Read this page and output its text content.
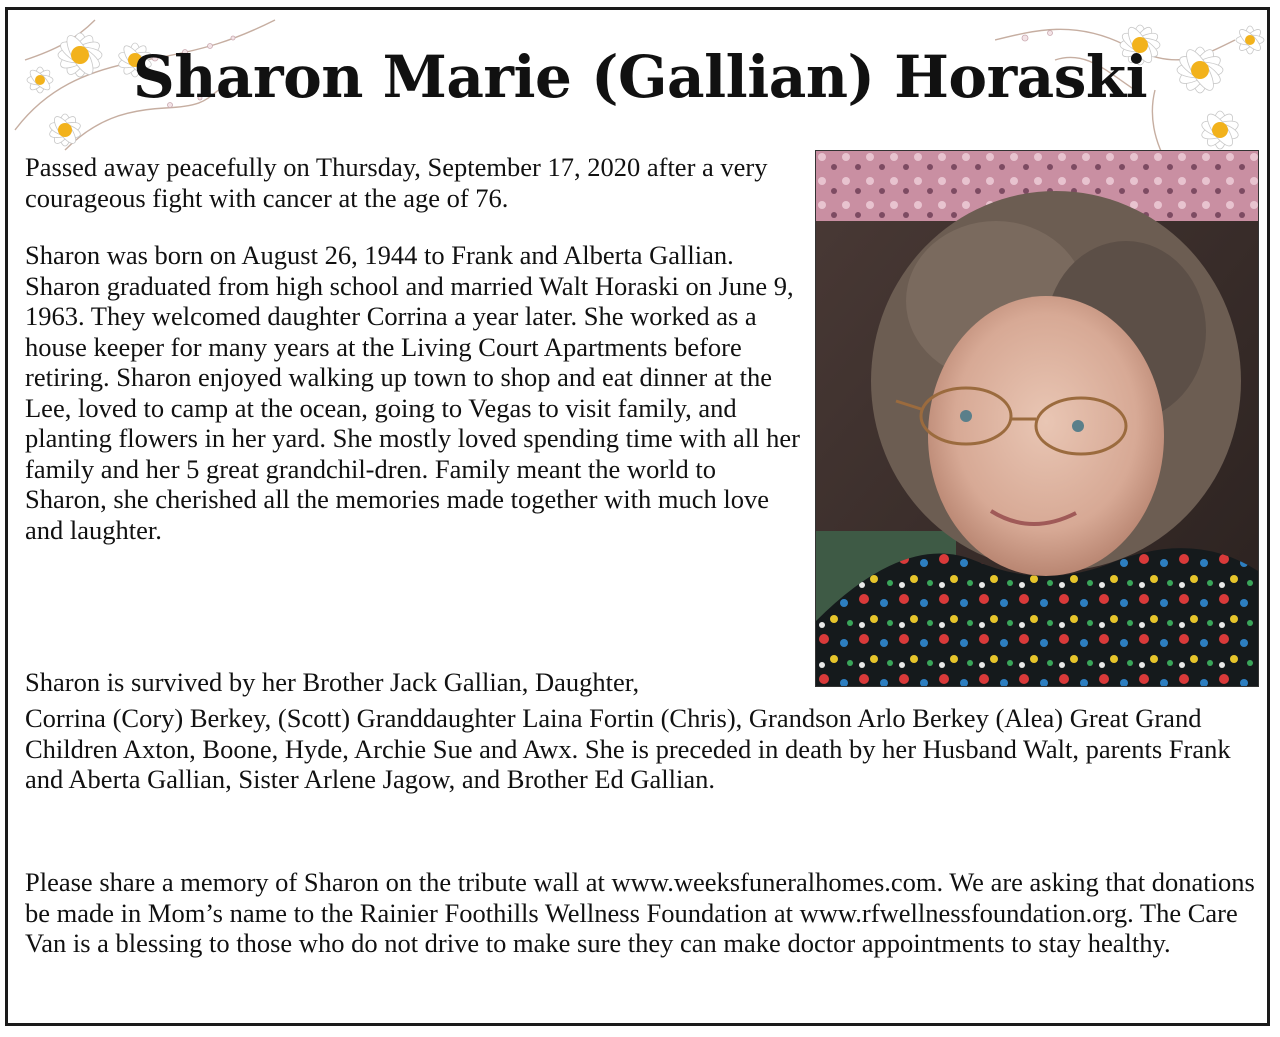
Sharon Marie (Gallian) Horaski

Passed away peacefully on Thursday, September 17, 2020 after a very courageous fight with cancer at the age of 76.

Sharon was born on August 26, 1944 to Frank and Alberta Gallian. Sharon graduated from high school and married Walt Horaski on June 9, 1963. They welcomed daughter Corrina a year later. She worked as a house keeper for many years at the Living Court Apartments before retiring. Sharon enjoyed walking up town to shop and eat dinner at the Lee, loved to camp at the ocean, going to Vegas to visit family, and planting flowers in her yard. She mostly loved spending time with all her family and her 5 great grandchil-dren. Family meant the world to Sharon, she cherished all the memories made together with much love and laughter.

Sharon is survived by her Brother Jack Gallian, Daughter,

Corrina (Cory) Berkey, (Scott) Granddaughter Laina Fortin (Chris), Grandson Arlo Berkey (Alea) Great Grand Children Axton, Boone, Hyde, Archie Sue and Awx. She is preceded in death by her Husband Walt, parents Frank and Aberta Gallian, Sister Arlene Jagow, and Brother Ed Gallian.

Please share a memory of Sharon on the tribute wall at www.weeksfuneralhomes.com. We are asking that donations be made in Mom’s name to the Rainier Foothills Wellness Foundation at www.rfwellnessfoundation.org. The Care Van is a blessing to those who do not drive to make sure they can make doctor appointments to stay healthy.
